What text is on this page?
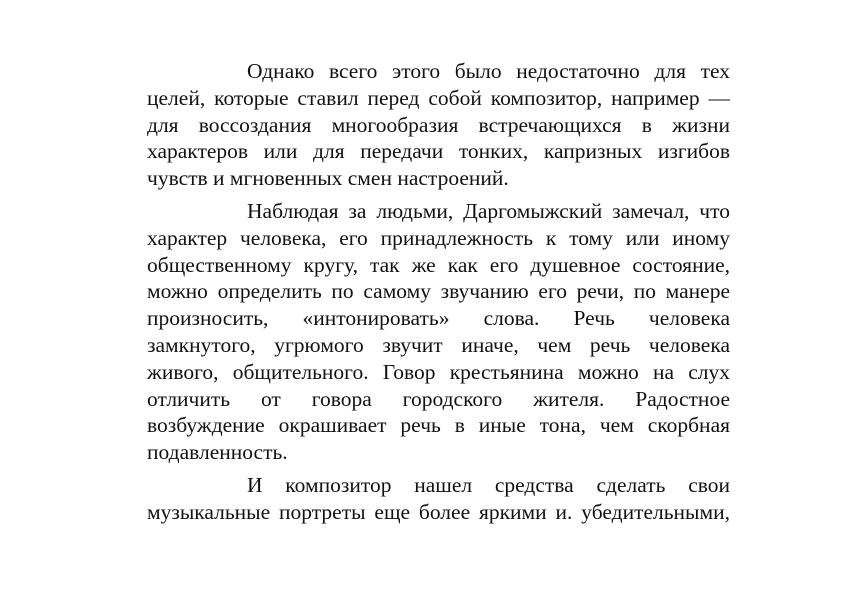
Однако всего этого было недостаточно для тех
целей, которые ставил перед собой композитор, например —
для воссоздания многообразия встречающихся в жизни
характеров или для передачи тонких, капризных изгибов
чувств и мгновенных смен настроений.

Наблюдая за людьми, Даргомыжский замечал, что
характер человека, его принадлежность к тому или иному
общественному кругу, так же как его душевное состояние,
можно определить по самому звучанию его речи, по манере
произносить, «интонировать» слова. Речь человека
замкнутого, угрюмого звучит иначе, чем речь человека
живого, общительного. Говор крестьянина можно на слух
отличить от говора городского жителя. Радостное
возбуждение окрашивает речь в иные тона, чем скорбная
подавленность.

И композитор нашел средства сделать свои
музыкальные портреты еще более яркими и. убедительными,
